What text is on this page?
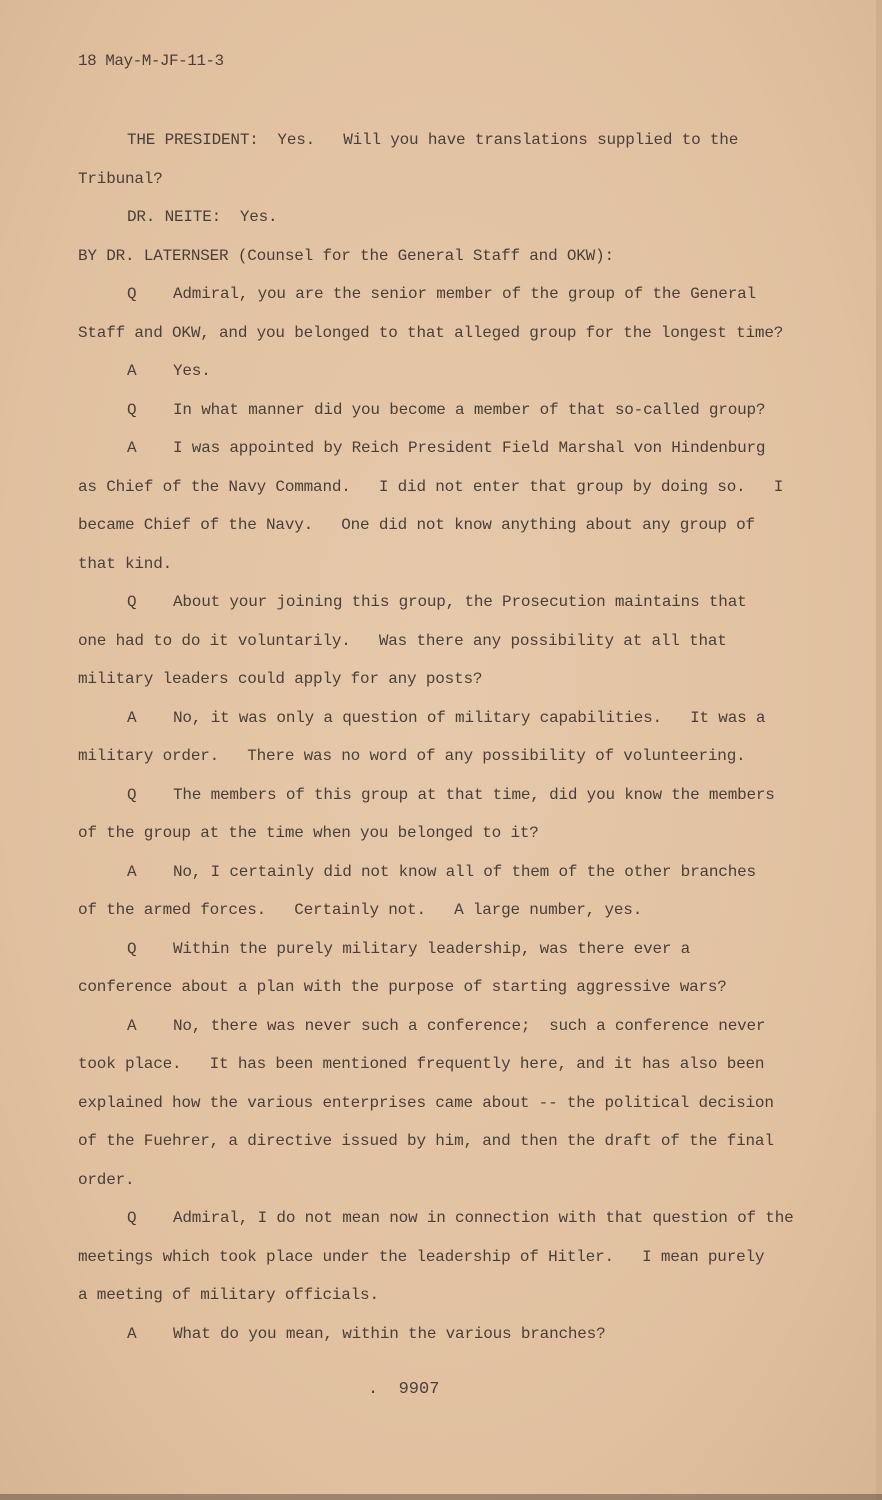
18 May-M-JF-11-3
THE PRESIDENT:  Yes.   Will you have translations supplied to the
Tribunal?
DR. NEITE:  Yes.
BY DR. LATERNSER (Counsel for the General Staff and OKW):
Q Admiral, you are the senior member of the group of the General
Staff and OKW, and you belonged to that alleged group for the longest time?
A Yes.
Q In what manner did you become a member of that so-called group?
A I was appointed by Reich President Field Marshal von Hindenburg
as Chief of the Navy Command.   I did not enter that group by doing so.   I
became Chief of the Navy.   One did not know anything about any group of
that kind.
Q About your joining this group, the Prosecution maintains that
one had to do it voluntarily.   Was there any possibility at all that
military leaders could apply for any posts?
A No, it was only a question of military capabilities.   It was a
military order.   There was no word of any possibility of volunteering.
Q The members of this group at that time, did you know the members
of the group at the time when you belonged to it?
A No, I certainly did not know all of them of the other branches
of the armed forces.   Certainly not.   A large number, yes.
Q Within the purely military leadership, was there ever a
conference about a plan with the purpose of starting aggressive wars?
A No, there was never such a conference;  such a conference never
took place.   It has been mentioned frequently here, and it has also been
explained how the various enterprises came about -- the political decision
of the Fuehrer, a directive issued by him, and then the draft of the final
order.
Q Admiral, I do not mean now in connection with that question of the
meetings which took place under the leadership of Hitler.   I mean purely
a meeting of military officials.
A What do you mean, within the various branches?
.  9907
